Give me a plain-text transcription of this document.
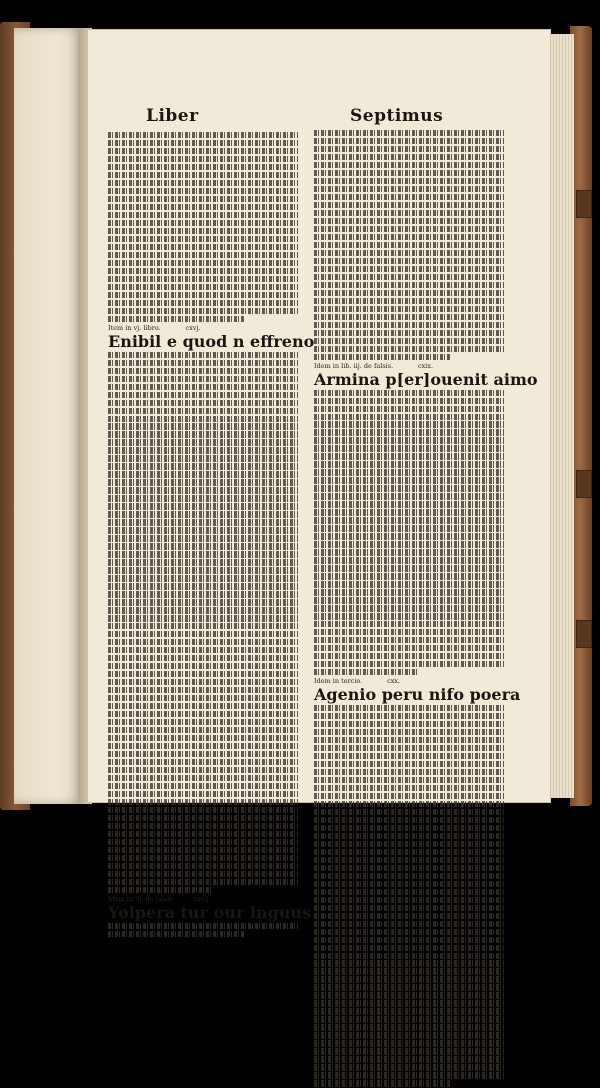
Liber	Septimus
Item in vj. libro.	cxvj.
Enibil e quod n effreno
Idem in iij. de falsis	cxvij.
Yolpera tur our lnguus
Idem in lib. iij. de falsis.	cxix.
Armina p[er]ouenit aimo
Idem in tercio.	cxx.
Agenio peru nifo poera
